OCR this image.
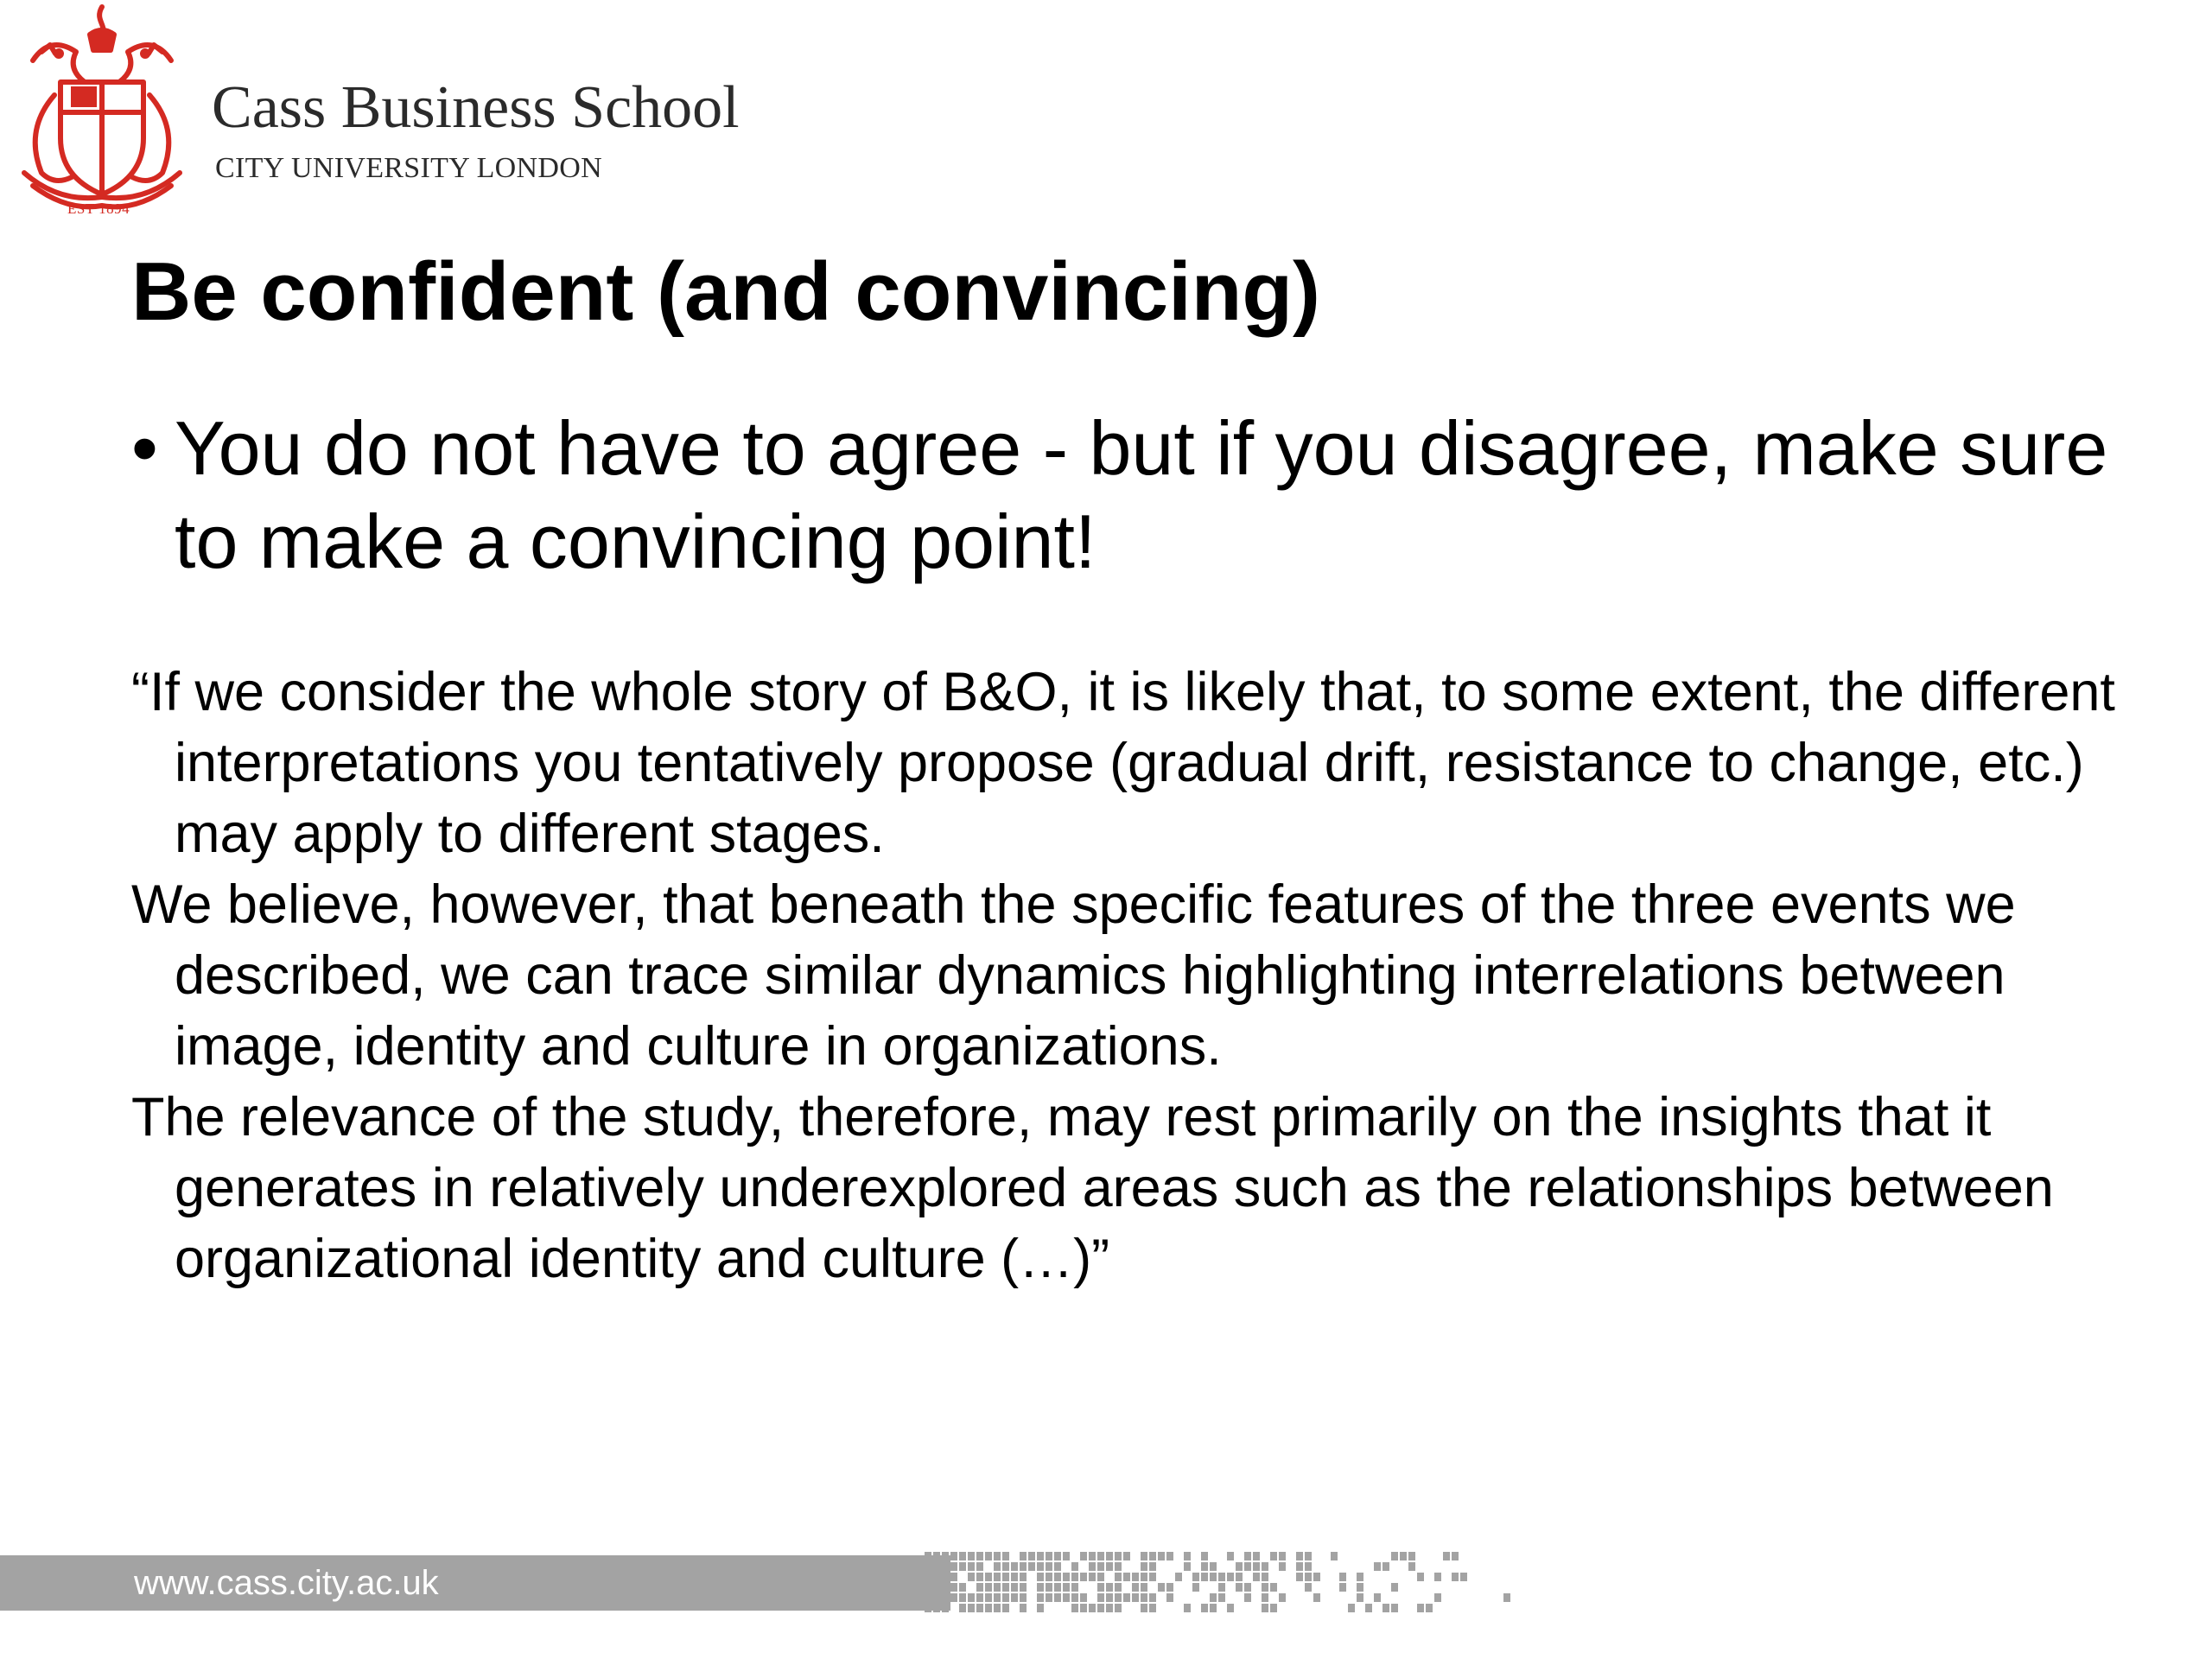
EST 1894
Cass Business School
CITY UNIVERSITY LONDON
Be confident (and convincing)
• You do not have to agree - but if you disagree, make sure to make a convincing point!

“If we consider the whole story of B&O, it is likely that, to some extent, the different interpretations you tentatively propose (gradual drift, resistance to change, etc.) may apply to different stages.

We believe, however, that beneath the specific features of the three events we described, we can trace similar dynamics highlighting interrelations between image, identity and culture in organizations.

The relevance of the study, therefore, may rest primarily on the insights that it generates in relatively underexplored areas such as the relationships between organizational identity and culture (…)”

www.cass.city.ac.uk
